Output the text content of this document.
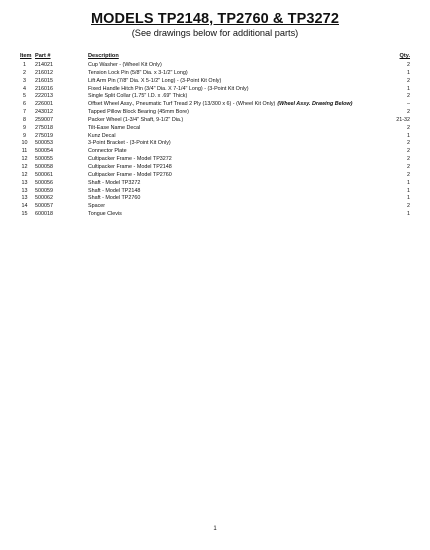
MODELS TP2148, TP2760 & TP3272
(See drawings below for additional parts)
Item Part #	Description	Qty.
1	214021	Cup Washer - (Wheel Kit Only)	2
2	216012	Tension Lock Pin (5/8" Dia. x 3-1/2" Long)	1
3	216015	Lift Arm Pin (7/8" Dia. X 5-1/2" Long) - (3-Point Kit Only)	2
4	216016	Fixed Handle Hitch Pin (3/4" Dia. X 7-1/4" Long) - (3-Point Kit Only)	1
5	222013	Single Split Collar (1.75" I.D. x .69" Thick)	2
6	226001	Offset Wheel Assy., Pneumatic Turf Tread 2 Ply (13/300 x 6) - (Wheel Kit Only) (Wheel Assy. Drawing Below)	–
7	243012	Tapped Pillow Block Bearing (45mm Bore)	2
8	259007	Packer Wheel (1-3/4" Shaft, 9-1/2" Dia.)	21-32
9	275018	Tilt-Ease Name Decal	2
9	275019	Kunz Decal	1
10 500053	3-Point Bracket - (3-Point Kit Only)	2
11	500054	Connector Plate	2
12 500055	Cultipacker Frame - Model TP3272	2
12 500058	Cultipacker Frame - Model TP2148	2
12 500061	Cultipacker Frame - Model TP2760	2
13 500056	Shaft - Model TP3272	1
13 500059	Shaft - Model TP2148	1
13 500062	Shaft - Model TP2760	1
14 500057	Spacer	2
15 600018	Tongue Clevis	1
1
